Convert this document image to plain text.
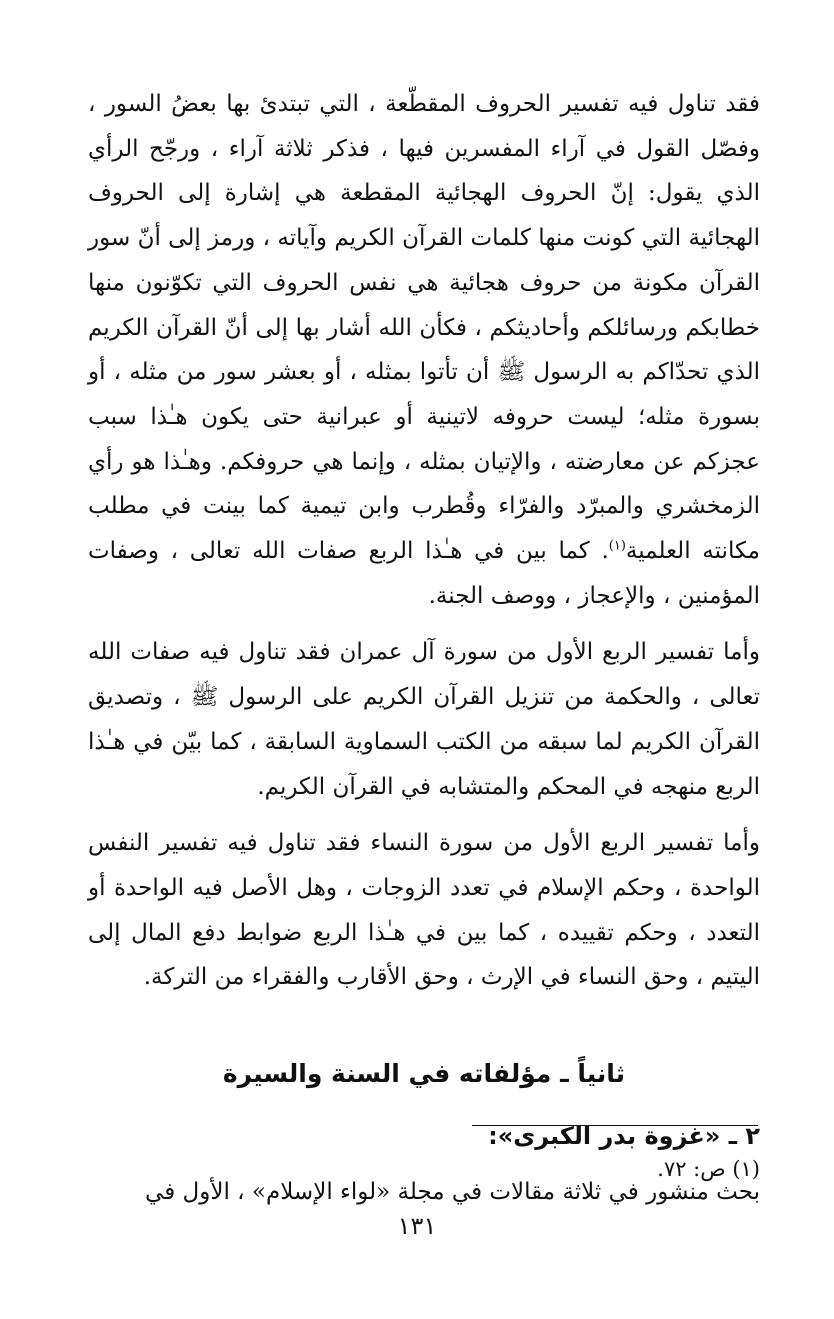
فقد تناول فيه تفسير الحروف المقطّعة ، التي تبتدئ بها بعضُ السور ، وفصّل القول في آراء المفسرين فيها ، فذكر ثلاثة آراء ، ورجّح الرأي الذي يقول: إنّ الحروف الهجائية المقطعة هي إشارة إلى الحروف الهجائية التي كونت منها كلمات القرآن الكريم وآياته ، ورمز إلى أنّ سور القرآن مكونة من حروف هجائية هي نفس الحروف التي تكوّنون منها خطابكم ورسائلكم وأحاديثكم ، فكأن الله أشار بها إلى أنّ القرآن الكريم الذي تحدّاكم به الرسول ﷺ أن تأتوا بمثله ، أو بعشر سور من مثله ، أو بسورة مثله؛ ليست حروفه لاتينية أو عبرانية حتى يكون هـٰذا سبب عجزكم عن معارضته ، والإتيان بمثله ، وإنما هي حروفكم. وهـٰذا هو رأي الزمخشري والمبرّد والفرّاء وقُطرب وابن تيمية كما بينت في مطلب مكانته العلمية$^{(١)}$. كما بين في هـٰذا الربع صفات الله تعالى ، وصفات المؤمنين ، والإعجاز ، ووصف الجنة.

وأما تفسير الربع الأول من سورة آل عمران فقد تناول فيه صفات الله تعالى ، والحكمة من تنزيل القرآن الكريم على الرسول ﷺ ، وتصديق القرآن الكريم لما سبقه من الكتب السماوية السابقة ، كما بيّن في هـٰذا الربع منهجه في المحكم والمتشابه في القرآن الكريم.

وأما تفسير الربع الأول من سورة النساء فقد تناول فيه تفسير النفس الواحدة ، وحكم الإسلام في تعدد الزوجات ، وهل الأصل فيه الواحدة أو التعدد ، وحكم تقييده ، كما بين في هـٰذا الربع ضوابط دفع المال إلى اليتيم ، وحق النساء في الإرث ، وحق الأقارب والفقراء من التركة.

ثانياً ـ مؤلفاته في السنة والسيرة
٢ ـ «غزوة بدر الكبرى»:

بحث منشور في ثلاثة مقالات في مجلة «لواء الإسلام» ، الأول في

(١) ص: ٧٢.
١٣١
